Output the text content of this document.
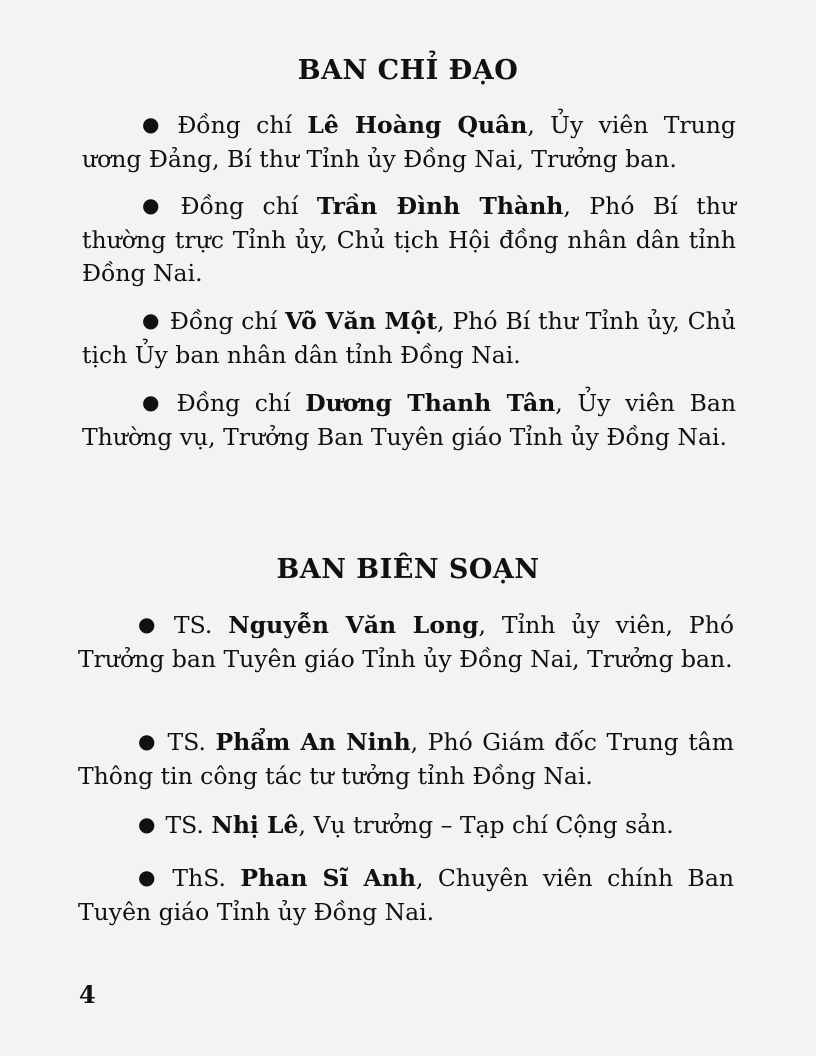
BAN CHỈ ĐẠO

● Đồng chí Lê Hoàng Quân, Ủy viên Trung ương Đảng, Bí thư Tỉnh ủy Đồng Nai, Trưởng ban.

● Đồng chí Trần Đình Thành, Phó Bí thư thường trực Tỉnh ủy, Chủ tịch Hội đồng nhân dân tỉnh Đồng Nai.

● Đồng chí Võ Văn Một, Phó Bí thư Tỉnh ủy, Chủ tịch Ủy ban nhân dân tỉnh Đồng Nai.

● Đồng chí Dương Thanh Tân, Ủy viên Ban Thường vụ, Trưởng Ban Tuyên giáo Tỉnh ủy Đồng Nai.

BAN BIÊN SOẠN

● TS. Nguyễn Văn Long, Tỉnh ủy viên, Phó Trưởng ban Tuyên giáo Tỉnh ủy Đồng Nai, Trưởng ban.

● TS. Phẩm An Ninh, Phó Giám đốc Trung tâm Thông tin công tác tư tưởng tỉnh Đồng Nai.

● TS. Nhị Lê, Vụ trưởng – Tạp chí Cộng sản.

● ThS. Phan Sĩ Anh, Chuyên viên chính Ban Tuyên giáo Tỉnh ủy Đồng Nai.

4
